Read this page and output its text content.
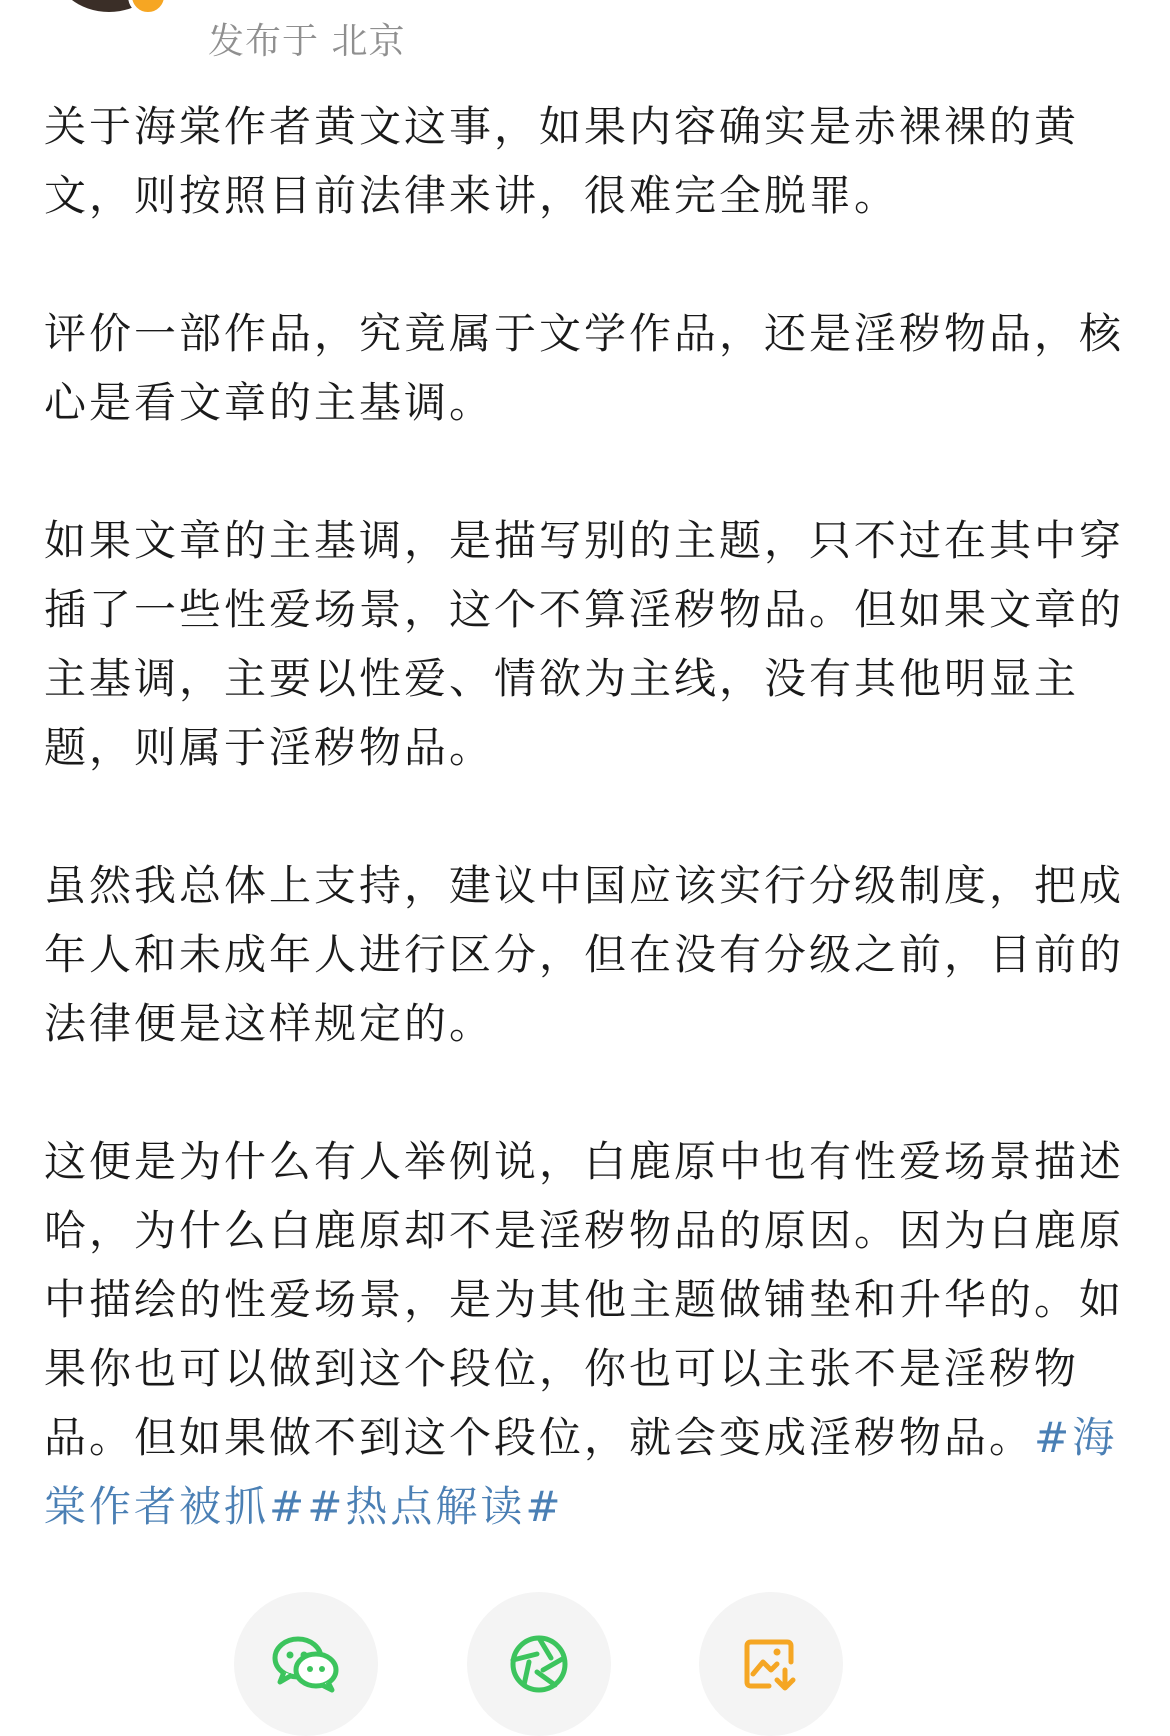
发布于 北京

关于海棠作者黄文这事，如果内容确实是赤裸裸的黄文，则按照目前法律来讲，很难完全脱罪。

评价一部作品，究竟属于文学作品，还是淫秽物品，核心是看文章的主基调。

如果文章的主基调，是描写别的主题，只不过在其中穿插了一些性爱场景，这个不算淫秽物品。但如果文章的主基调，主要以性爱、情欲为主线，没有其他明显主题，则属于淫秽物品。

虽然我总体上支持，建议中国应该实行分级制度，把成年人和未成年人进行区分，但在没有分级之前，目前的法律便是这样规定的。

这便是为什么有人举例说，白鹿原中也有性爱场景描述哈，为什么白鹿原却不是淫秽物品的原因。因为白鹿原中描绘的性爱场景，是为其他主题做铺垫和升华的。如果你也可以做到这个段位，你也可以主张不是淫秽物品。但如果做不到这个段位，就会变成淫秽物品。#海棠作者被抓##热点解读#
